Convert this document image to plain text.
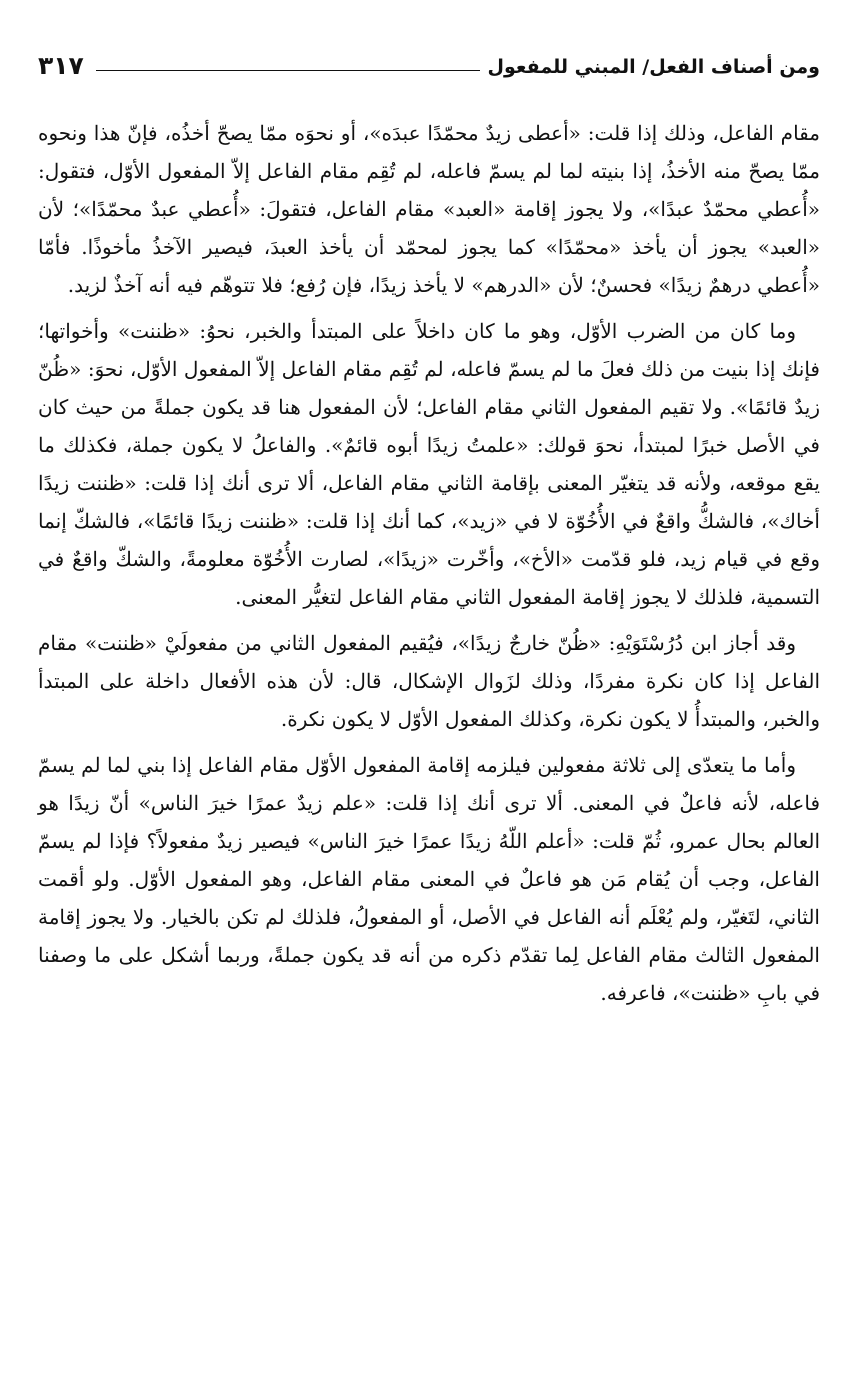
ومن أصناف الفعل/ المبني للمفعول
٣١٧

مقام الفاعل، وذلك إذا قلت: «أعطى زيدٌ محمّدًا عبدَه»، أو نحوَه ممّا يصحّ أخذُه، فإنّ هذا ونحوه ممّا يصحّ منه الأخذُ، إذا بنيته لما لم يسمّ فاعله، لم تُقِم مقام الفاعل إلاّ المفعول الأوّل، فتقول: «أُعطي محمّدٌ عبدًا»، ولا يجوز إقامة «العبد» مقام الفاعل، فتقولَ: «أُعطي عبدٌ محمّدًا»؛ لأن «العبد» يجوز أن يأخذ «محمّدًا» كما يجوز لمحمّد أن يأخذ العبدَ، فيصير الآخذُ مأخوذًا. فأمّا «أُعطي درهمٌ زيدًا» فحسنٌ؛ لأن «الدرهم» لا يأخذ زيدًا، فإن رُفع؛ فلا تتوهّم فيه أنه آخذٌ لزيد.

وما كان من الضرب الأوّل، وهو ما كان داخلاً على المبتدأ والخبر، نحوُ: «ظننت» وأخواتها؛ فإنك إذا بنيت من ذلك فعلَ ما لم يسمّ فاعله، لم تُقِم مقام الفاعل إلاّ المفعول الأوّل، نحوَ: «ظُنّ زيدٌ قائمًا». ولا تقيم المفعول الثاني مقام الفاعل؛ لأن المفعول هنا قد يكون جملةً من حيث كان في الأصل خبرًا لمبتدأ، نحوَ قولك: «علمتُ زيدًا أبوه قائمٌ». والفاعلُ لا يكون جملة، فكذلك ما يقع موقعه، ولأنه قد يتغيّر المعنى بإقامة الثاني مقام الفاعل، ألا ترى أنك إذا قلت: «ظننت زيدًا أخاك»، فالشكُّ واقعٌ في الأُخُوّة لا في «زيد»، كما أنك إذا قلت: «ظننت زيدًا قائمًا»، فالشكّ إنما وقع في قيام زيد، فلو قدّمت «الأخ»، وأخّرت «زيدًا»، لصارت الأُخُوّة معلومةً، والشكّ واقعٌ في التسمية، فلذلك لا يجوز إقامة المفعول الثاني مقام الفاعل لتغيُّر المعنى.

وقد أجاز ابن دُرُسْتَوَيْهِ: «ظُنّ خارجٌ زيدًا»، فيُقيم المفعول الثاني من مفعولَيْ «ظننت» مقام الفاعل إذا كان نكرة مفردًا، وذلك لزَوال الإشكال، قال: لأن هذه الأفعال داخلة على المبتدأ والخبر، والمبتدأُ لا يكون نكرة، وكذلك المفعول الأوّل لا يكون نكرة.

وأما ما يتعدّى إلى ثلاثة مفعولين فيلزمه إقامة المفعول الأوّل مقام الفاعل إذا بني لما لم يسمّ فاعله، لأنه فاعلٌ في المعنى. ألا ترى أنك إذا قلت: «علم زيدٌ عمرًا خيرَ الناس» أنّ زيدًا هو العالم بحال عمرو، ثُمّ قلت: «أعلم اللّهُ زيدًا عمرًا خيرَ الناس» فيصير زيدٌ مفعولاً؟ فإذا لم يسمّ الفاعل، وجب أن يُقام مَن هو فاعلٌ في المعنى مقام الفاعل، وهو المفعول الأوّل. ولو أقمت الثاني، لتَغيّر، ولم يُعْلَم أنه الفاعل في الأصل، أو المفعولُ، فلذلك لم تكن بالخيار. ولا يجوز إقامة المفعول الثالث مقام الفاعل لِما تقدّم ذكره من أنه قد يكون جملةً، وربما أشكل على ما وصفنا في بابِ «ظننت»، فاعرفه.
